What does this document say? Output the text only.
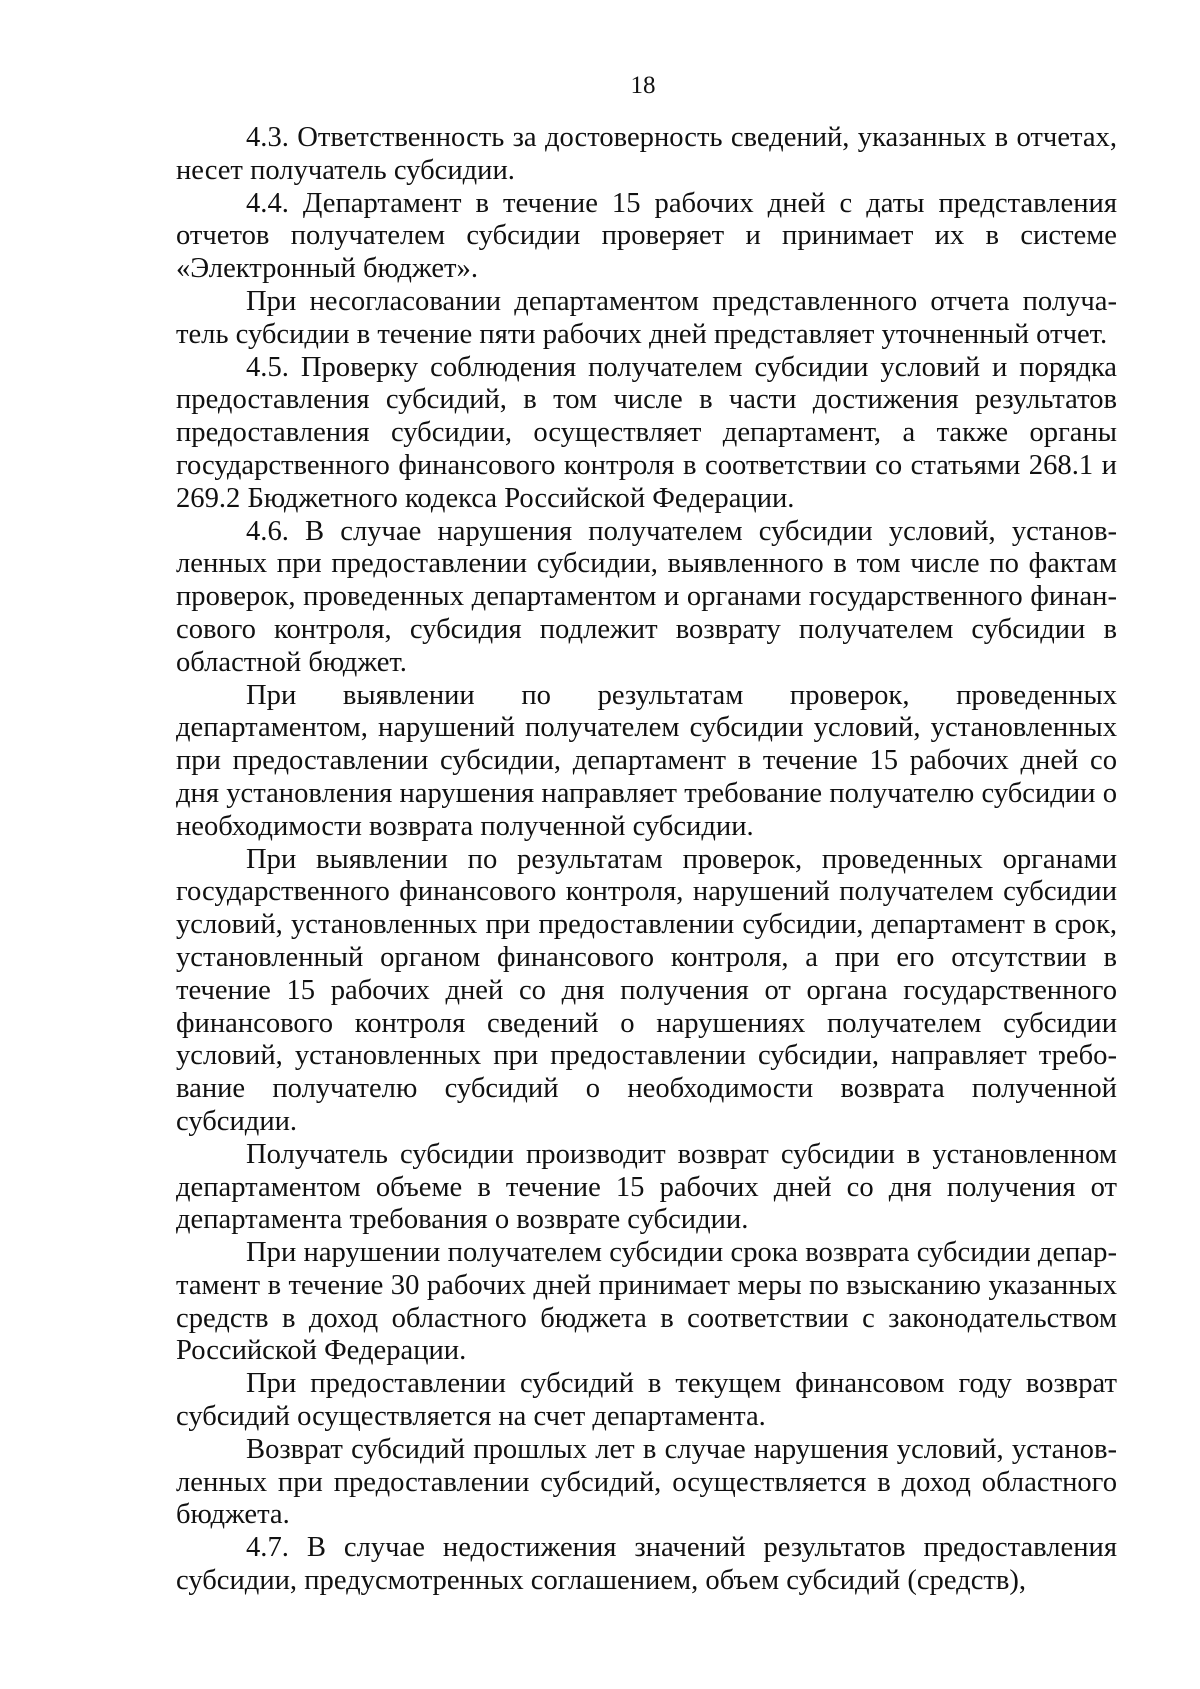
18

4.3. Ответственность за достоверность сведений, указанных в отчетах, несет получатель субсидии.

4.4. Департамент в течение 15 рабочих дней с даты представления отчетов получателем субсидии проверяет и принимает их в системе «Электронный бюджет».

При несогласовании департаментом представленного отчета получатель субсидии в течение пяти рабочих дней представляет уточненный отчет.

4.5. Проверку соблюдения получателем субсидии условий и порядка предоставления субсидий, в том числе в части достижения результатов предоставления субсидии, осуществляет департамент, а также органы государственного финансового контроля в соответствии со статьями 268.1 и 269.2 Бюджетного кодекса Российской Федерации.

4.6. В случае нарушения получателем субсидии условий, установленных при предоставлении субсидии, выявленного в том числе по фактам проверок, проведенных департаментом и органами государственного финансового контроля, субсидия подлежит возврату получателем субсидии в областной бюджет.

При выявлении по результатам проверок, проведенных департаментом, нарушений получателем субсидии условий, установленных при предоставлении субсидии, департамент в течение 15 рабочих дней со дня установления нарушения направляет требование получателю субсидии о необходимости возврата полученной субсидии.

При выявлении по результатам проверок, проведенных органами государственного финансового контроля, нарушений получателем субсидии условий, установленных при предоставлении субсидии, департамент в срок, установленный органом финансового контроля, а при его отсутствии в течение 15 рабочих дней со дня получения от органа государственного финансового контроля сведений о нарушениях получателем субсидии условий, установленных при предоставлении субсидии, направляет требование получателю субсидий о необходимости возврата полученной субсидии.

Получатель субсидии производит возврат субсидии в установленном департаментом объеме в течение 15 рабочих дней со дня получения от департамента требования о возврате субсидии.

При нарушении получателем субсидии срока возврата субсидии департамент в течение 30 рабочих дней принимает меры по взысканию указанных средств в доход областного бюджета в соответствии с законодательством Российской Федерации.

При предоставлении субсидий в текущем финансовом году возврат субсидий осуществляется на счет департамента.

Возврат субсидий прошлых лет в случае нарушения условий, установленных при предоставлении субсидий, осуществляется в доход областного бюджета.

4.7. В случае недостижения значений результатов предоставления субсидии, предусмотренных соглашением, объем субсидий (средств),
